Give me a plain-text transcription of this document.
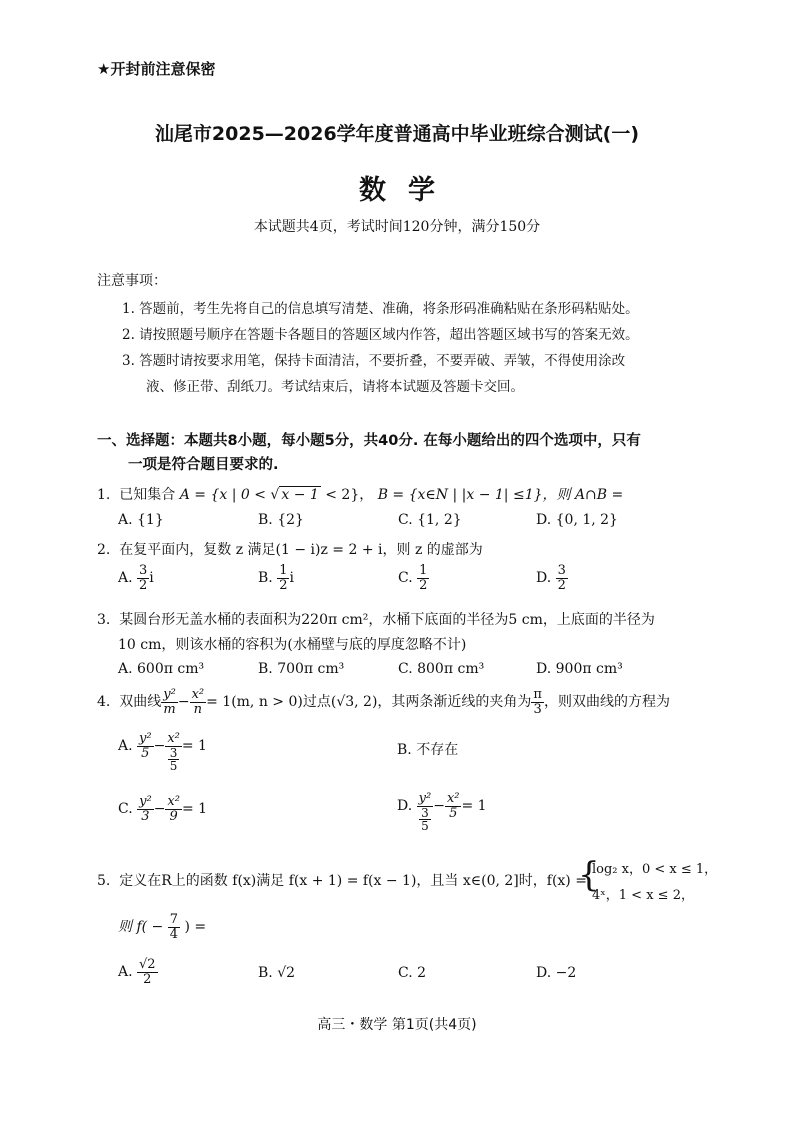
★开封前注意保密
汕尾市2025—2026学年度普通高中毕业班综合测试(一)
数学
本试题共4页，考试时间120分钟，满分150分
注意事项：
1. 答题前，考生先将自己的信息填写清楚、准确，将条形码准确粘贴在条形码粘贴处。
2. 请按照题号顺序在答题卡各题目的答题区域内作答，超出答题区域书写的答案无效。
3. 答题时请按要求用笔，保持卡面清洁，不要折叠，不要弄破、弄皱，不得使用涂改
液、修正带、刮纸刀。考试结束后，请将本试题及答题卡交回。
一、选择题：本题共8小题，每小题5分，共40分. 在每小题给出的四个选项中，只有
一项是符合题目要求的.
1. 已知集合 A = {x | 0 < √ x − 1 < 2}， B = {x∈N | |x − 1| ≤1}，则 A∩B =
A. {1}	B. {2}	C. {1, 2}	D. {0, 1, 2}
2. 在复平面内，复数 z 满足(1 − i)z = 2 + i，则 z 的虚部为
A. $\frac{3}{2}$ i	B. $\frac{1}{2}$ i	C. $\frac{1}{2}$	D. $\frac{3}{2}$
3. 某圆台形无盖水桶的表面积为220π cm²，水桶下底面的半径为5 cm，上底面的半径为
10 cm，则该水桶的容积为(水桶壁与底的厚度忽略不计)
A. 600π cm³	B. 700π cm³	C. 800π cm³	D. 900π cm³
4. 双曲线 $\frac{\text{y²}}{m} - \frac{\text{x²}}{n} = 1(m$, n > 0)过点(√3, 2)，其两条渐近线的夹角为 $\frac{\pi}{3}$ ，则双曲线的方程为
A. $\frac{\text{y²}}{5} - \frac{\text{x²}}{\frac{3}{5}} = 1$	B. 不存在
C. $\frac{\text{y²}}{3} - \frac{\text{x²}}{9} = 1$	D. $\frac{\text{y²}}{\frac{3}{5}} - \frac{\text{x²}}{5} = 1$
5. 定义在R上的函数 f(x)满足 f(x + 1) = f(x − 1)，且当 x∈(0, 2]时，f(x) =
{
log₂ x，0 < x ≤ 1，
4ˣ，1 < x ≤ 2，
则 $f( - \frac{7}{4}$ ) =
A. $\frac{√2}{2}$	B. √2	C. 2	D. −2
高三・数学 第1页(共4页)
